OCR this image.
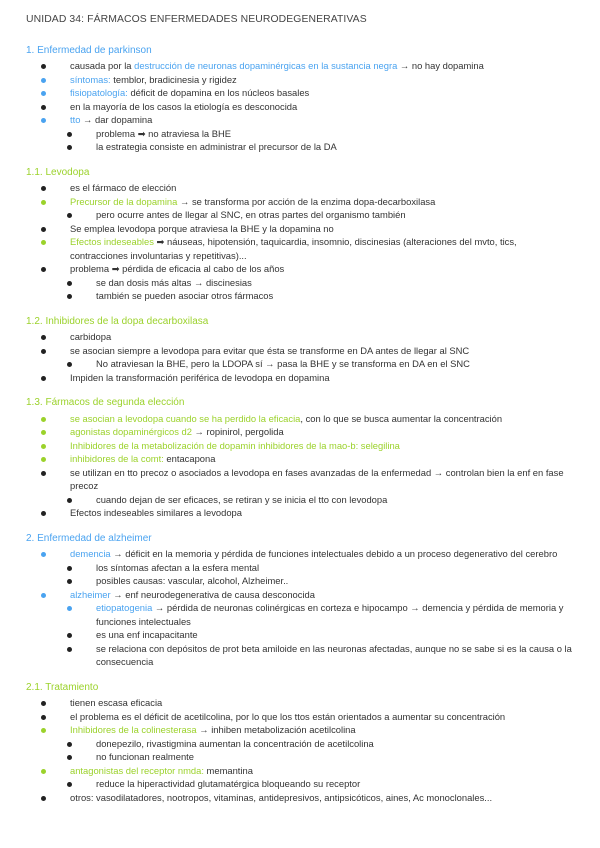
UNIDAD 34: FÁRMACOS ENFERMEDADES NEURODEGENERATIVAS
1. Enfermedad de parkinson
causada por la destrucción de neuronas dopaminérgicas en la sustancia negra → no hay dopamina
síntomas: temblor, bradicinesia y rigidez
fisiopatología: déficit de dopamina en los núcleos basales
en la mayoría de los casos la etiología es desconocida
tto → dar dopamina
problema ➡ no atraviesa la BHE
la estrategia consiste en administrar el precursor de la DA
1.1. Levodopa
es el fármaco de elección
Precursor de la dopamina → se transforma por acción de la enzima dopa-decarboxilasa
pero ocurre antes de llegar al SNC, en otras partes del organismo también
Se emplea levodopa porque atraviesa la BHE y la dopamina no
Efectos indeseables ➡ náuseas, hipotensión, taquicardia, insomnio, discinesias (alteraciones del mvto, tics, contracciones involuntarias y repetitivas)...
problema ➡ pérdida de eficacia al cabo de los años
se dan dosis más altas → discinesias
también se pueden asociar otros fármacos
1.2. Inhibidores de la dopa decarboxilasa
carbidopa
se asocian siempre a levodopa para evitar que ésta se transforme en DA antes de llegar al SNC
No atraviesan la BHE, pero la LDOPA sí → pasa la BHE y se transforma en DA en el SNC
Impiden la transformación periférica de levodopa en dopamina
1.3. Fármacos de segunda elección
se asocian a levodopa cuando se ha perdido la eficacia, con lo que se busca aumentar la concentración
agonistas dopaminérgicos d2 → ropinirol, pergolida
Inhibidores de la metabolización de dopamin inhibidores de la mao-b: selegilina
inhibidores de la comt: entacapona
se utilizan en tto precoz o asociados a levodopa en fases avanzadas de la enfermedad → controlan bien la enf en fase precoz
cuando dejan de ser eficaces, se retiran y se inicia el tto con levodopa
Efectos indeseables similares a levodopa
2. Enfermedad de alzheimer
demencia → déficit en la memoria y pérdida de funciones intelectuales debido a un proceso degenerativo del cerebro
los síntomas afectan a la esfera mental
posibles causas: vascular, alcohol, Alzheimer..
alzheimer → enf neurodegenerativa de causa desconocida
etiopatogenia → pérdida de neuronas colinérgicas en corteza e hipocampo → demencia y pérdida de memoria y funciones intelectuales
es una enf incapacitante
se relaciona con depósitos de prot beta amiloide en las neuronas afectadas, aunque no se sabe si es la causa o la consecuencia
2.1. Tratamiento
tienen escasa eficacia
el problema es el déficit de acetilcolina, por lo que los ttos están orientados a aumentar su concentración
Inhibidores de la colinesterasa → inhiben metabolización acetilcolina
donepezilo, rivastigmina aumentan la concentración de acetilcolina
no funcionan realmente
antagonistas del receptor nmda: memantina
reduce la hiperactividad glutamatérgica bloqueando su receptor
otros: vasodilatadores, nootropos, vitaminas, antidepresivos, antipsicóticos, aines, Ac monoclonales...
